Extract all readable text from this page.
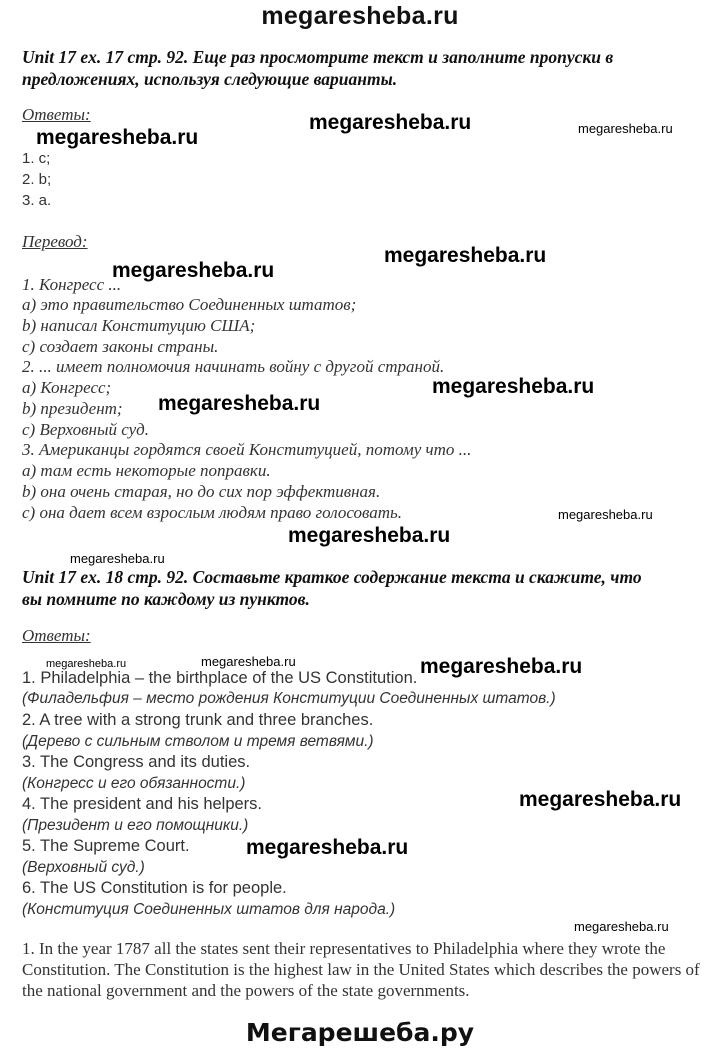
megaresheba.ru
Unit 17 ex. 17 стр. 92. Еще раз просмотрите текст и заполните пропуски в предложениях, используя следующие варианты.
Ответы:
1. c;
2. b;
3. a.
Перевод:
1. Конгресс ...
a) это правительство Соединенных штатов;
b) написал Конституцию США;
c) создает законы страны.
2. ... имеет полномочия начинать войну с другой страной.
a) Конгресс;
b) президент;
c) Верховный суд.
3. Американцы гордятся своей Конституцией, потому что ...
a) там есть некоторые поправки.
b) она очень старая, но до сих пор эффективная.
c) она дает всем взрослым людям право голосовать.
Unit 17 ex. 18 стр. 92. Составьте краткое содержание текста и скажите, что вы помните по каждому из пунктов.
Ответы:
1. Philadelphia – the birthplace of the US Constitution.
(Филадельфия – место рождения Конституции Соединенных штатов.)
2. A tree with a strong trunk and three branches.
(Дерево с сильным стволом и тремя ветвями.)
3. The Congress and its duties.
(Конгресс и его обязанности.)
4. The president and his helpers.
(Президент и его помощники.)
5. The Supreme Court.
(Верховный суд.)
6. The US Constitution is for people.
(Конституция Соединенных штатов для народа.)
1. In the year 1787 all the states sent their representatives to Philadelphia where they wrote the Constitution. The Constitution is the highest law in the United States which describes the powers of the national government and the powers of the state governments.
Мегарешеба.ру
megaresheba.ru
megaresheba.ru	megaresheba.ru
megaresheba.ru
megaresheba.ru
megaresheba.ru
megaresheba.ru
megaresheba.ru
megaresheba.ru
megaresheba.ru
megaresheba.ru
megaresheba.ru	megaresheba.ru
megaresheba.ru
megaresheba.ru
megaresheba.ru
